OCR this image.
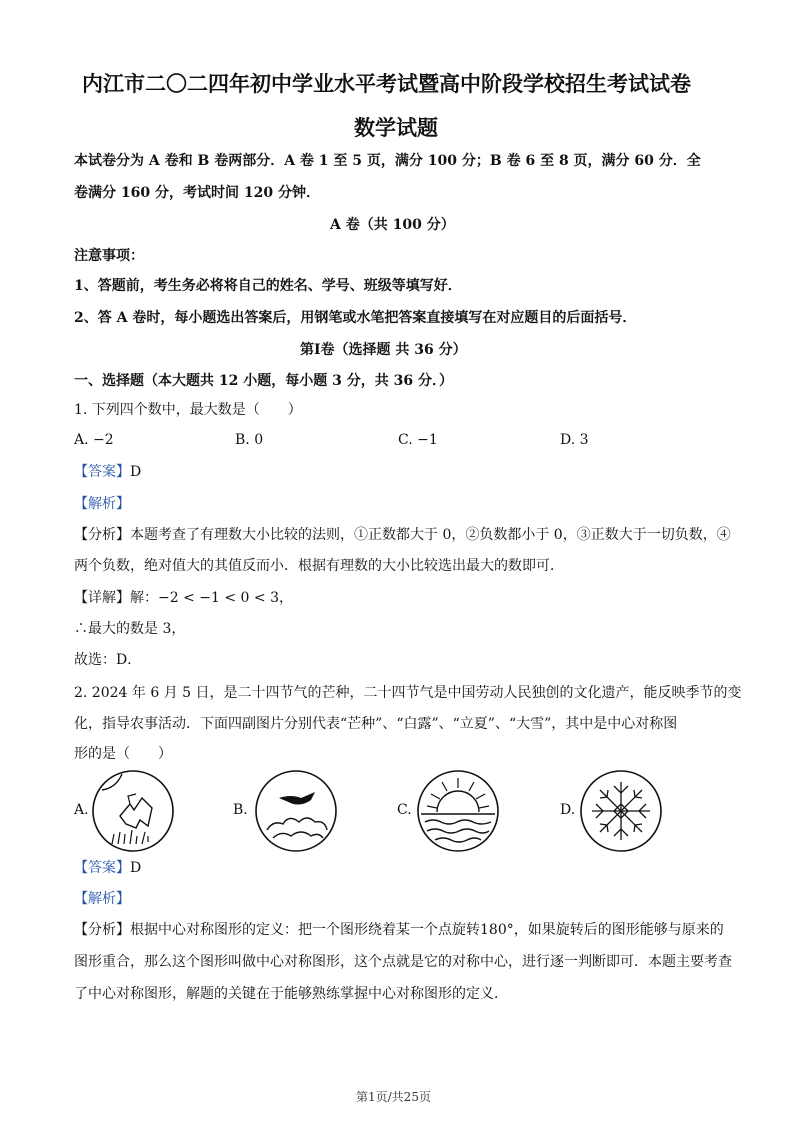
内江市二〇二四年初中学业水平考试暨高中阶段学校招生考试试卷
数学试题
本试卷分为 A 卷和 B 卷两部分．A 卷 1 至 5 页，满分 100 分；B 卷 6 至 8 页，满分 60 分．全
卷满分 160 分，考试时间 120 分钟．
A 卷（共 100 分）
注意事项：
1、答题前，考生务必将将自己的姓名、学号、班级等填写好．
2、答 A 卷时，每小题选出答案后，用钢笔或水笔把答案直接填写在对应题目的后面括号．
第Ⅰ卷（选择题 共 36 分）
一、选择题（本大题共 12 小题，每小题 3 分，共 36 分．）
1. 下列四个数中，最大数是（　　）
A. −2	B. 0	C. −1	D. 3
【答案】D
【解析】
【分析】本题考查了有理数大小比较的法则，①正数都大于 0，②负数都小于 0，③正数大于一切负数，④
两个负数，绝对值大的其值反而小．根据有理数的大小比较选出最大的数即可．
【详解】解：−2 < −1 < 0 < 3，
∴最大的数是 3，
故选：D．
2. 2024 年 6 月 5 日，是二十四节气的芒种，二十四节气是中国劳动人民独创的文化遗产，能反映季节的变
化，指导农事活动．下面四副图片分别代表“芒种”、“白露”、“立夏”、“大雪”，其中是中心对称图
形的是（　　）
A.	B.	C.	D.
【答案】D
【解析】
【分析】根据中心对称图形的定义：把一个图形绕着某一个点旋转180°，如果旋转后的图形能够与原来的
图形重合，那么这个图形叫做中心对称图形，这个点就是它的对称中心，进行逐一判断即可．本题主要考查
了中心对称图形，解题的关键在于能够熟练掌握中心对称图形的定义．
第1页/共25页
